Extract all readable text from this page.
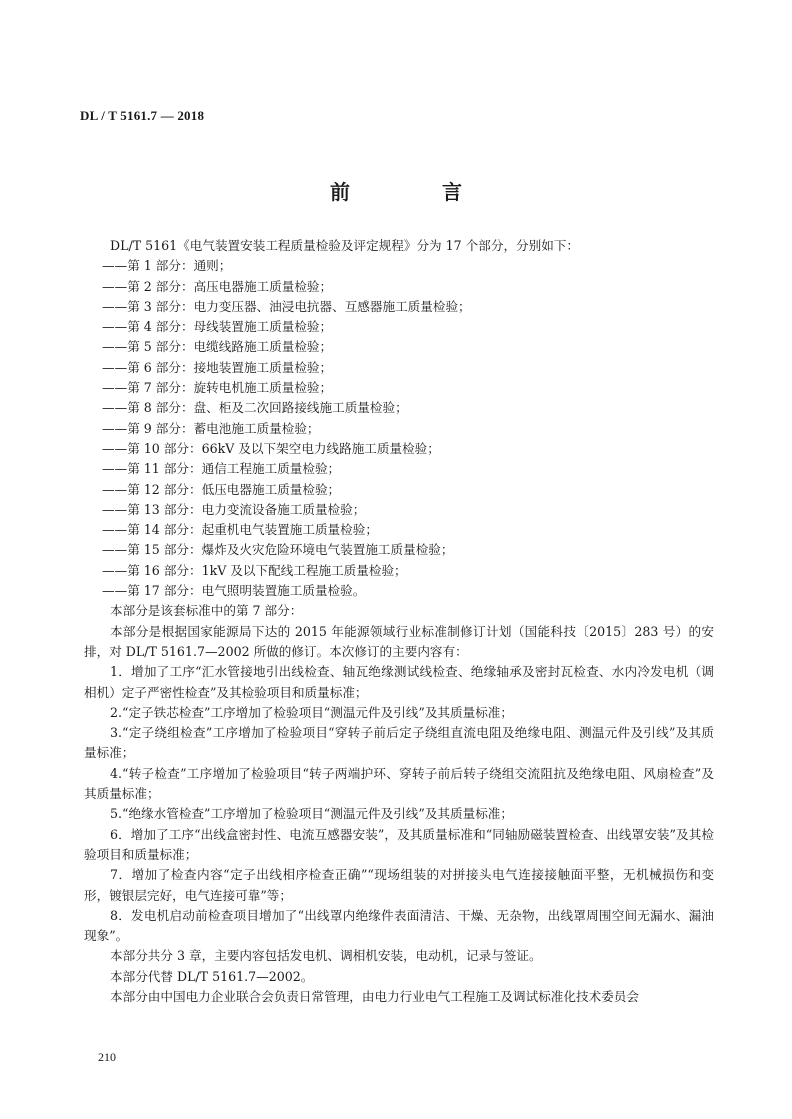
DL / T 5161.7 — 2018
前　言

DL/T 5161《电气装置安装工程质量检验及评定规程》分为 17 个部分，分别如下：

——第 1 部分：通则；

——第 2 部分：高压电器施工质量检验；

——第 3 部分：电力变压器、油浸电抗器、互感器施工质量检验；

——第 4 部分：母线装置施工质量检验；

——第 5 部分：电缆线路施工质量检验；

——第 6 部分：接地装置施工质量检验；

——第 7 部分：旋转电机施工质量检验；

——第 8 部分：盘、柜及二次回路接线施工质量检验；

——第 9 部分：蓄电池施工质量检验；

——第 10 部分：66kV 及以下架空电力线路施工质量检验；

——第 11 部分：通信工程施工质量检验；

——第 12 部分：低压电器施工质量检验；

——第 13 部分：电力变流设备施工质量检验；

——第 14 部分：起重机电气装置施工质量检验；

——第 15 部分：爆炸及火灾危险环境电气装置施工质量检验；

——第 16 部分：1kV 及以下配线工程施工质量检验；

——第 17 部分：电气照明装置施工质量检验。

本部分是该套标准中的第 7 部分：

本部分是根据国家能源局下达的 2015 年能源领域行业标准制修订计划（国能科技〔2015〕283 号）的安排，对 DL/T 5161.7—2002 所做的修订。本次修订的主要内容有：

1．增加了工序“汇水管接地引出线检查、轴瓦绝缘测试线检查、绝缘轴承及密封瓦检查、水内冷发电机（调相机）定子严密性检查”及其检验项目和质量标准；

2.“定子铁芯检查”工序增加了检验项目“测温元件及引线”及其质量标准；

3.“定子绕组检查”工序增加了检验项目“穿转子前后定子绕组直流电阻及绝缘电阻、测温元件及引线”及其质量标准；

4.“转子检查”工序增加了检验项目“转子两端护环、穿转子前后转子绕组交流阻抗及绝缘电阻、风扇检查”及其质量标准；

5.“绝缘水管检查”工序增加了检验项目“测温元件及引线”及其质量标准；

6．增加了工序“出线盒密封性、电流互感器安装”，及其质量标准和“同轴励磁装置检查、出线罩安装”及其检验项目和质量标准；

7．增加了检查内容“定子出线相序检查正确”“现场组装的对拼接头电气连接接触面平整，无机械损伤和变形，镀银层完好，电气连接可靠”等；

8．发电机启动前检查项目增加了“出线罩内绝缘件表面清洁、干燥、无杂物，出线罩周围空间无漏水、漏油现象”。

本部分共分 3 章，主要内容包括发电机、调相机安装，电动机，记录与签证。

本部分代替 DL/T 5161.7—2002。

本部分由中国电力企业联合会负责日常管理，由电力行业电气工程施工及调试标准化技术委员会

210
